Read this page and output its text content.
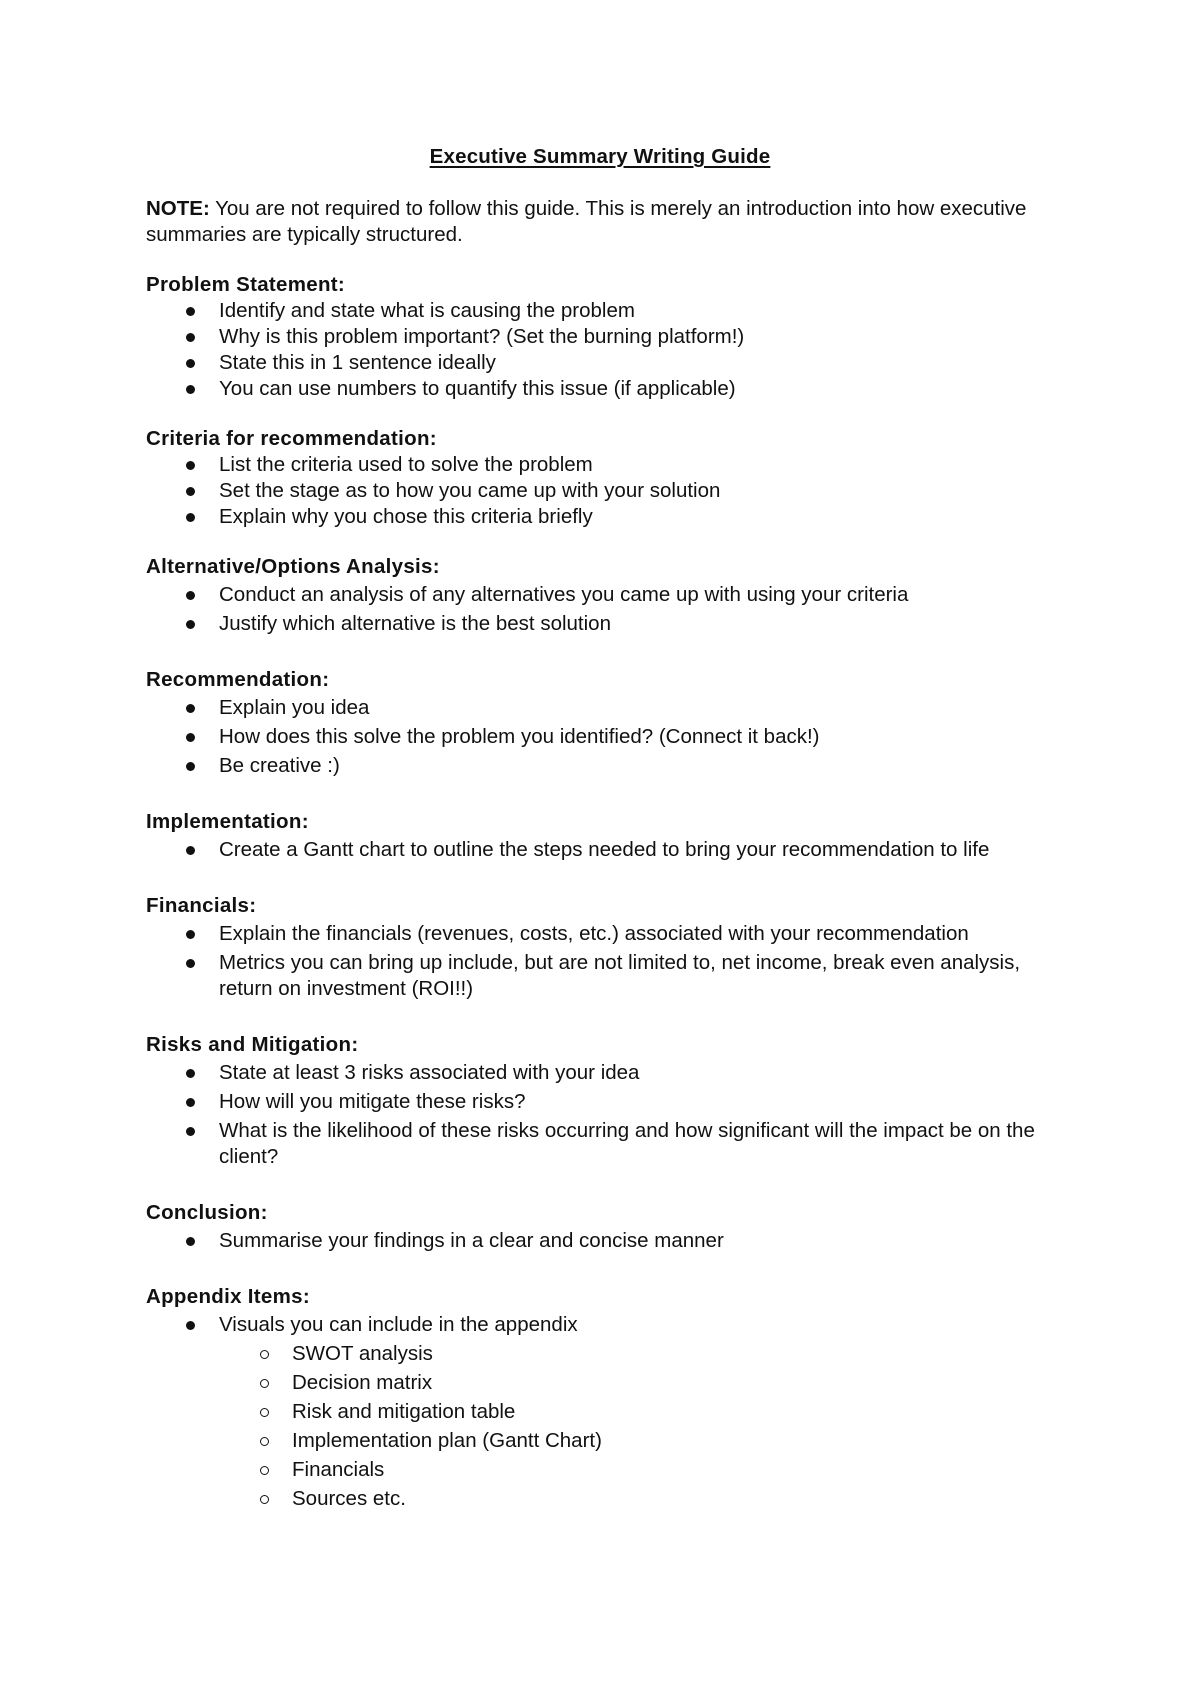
Executive Summary Writing Guide

NOTE: You are not required to follow this guide. This is merely an introduction into how executive summaries are typically structured.

Problem Statement:
Identify and state what is causing the problem
Why is this problem important? (Set the burning platform!)
State this in 1 sentence ideally
You can use numbers to quantify this issue (if applicable)
Criteria for recommendation:
List the criteria used to solve the problem
Set the stage as to how you came up with your solution
Explain why you chose this criteria briefly
Alternative/Options Analysis:
Conduct an analysis of any alternatives you came up with using your criteria
Justify which alternative is the best solution
Recommendation:
Explain you idea
How does this solve the problem you identified? (Connect it back!)
Be creative :)
Implementation:
Create a Gantt chart to outline the steps needed to bring your recommendation to life
Financials:
Explain the financials (revenues, costs, etc.) associated with your recommendation
Metrics you can bring up include, but are not limited to, net income, break even analysis, return on investment (ROI!!)
Risks and Mitigation:
State at least 3 risks associated with your idea
How will you mitigate these risks?
What is the likelihood of these risks occurring and how significant will the impact be on the client?
Conclusion:
Summarise your findings in a clear and concise manner
Appendix Items:
Visuals you can include in the appendix
SWOT analysis
Decision matrix
Risk and mitigation table
Implementation plan (Gantt Chart)
Financials
Sources etc.
